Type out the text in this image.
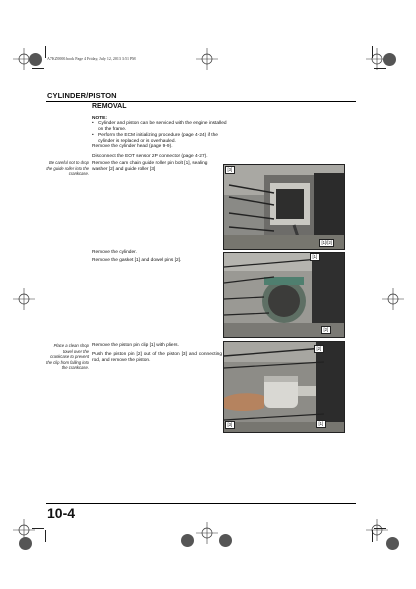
A7KZ0000.book Page 4 Friday, July 12, 2013 3:51 PM
CYLINDER/PISTON
REMOVAL
NOTE:
• Cylinder and piston can be serviced with the engine installed on the frame.
• Perform the ECM initializing procedure (page 4-24) if the cylinder is replaced or is overhauled.
Remove the cylinder head (page 9-9).
Disconnect the EOT sensor 2P connector (page 4-27).
Be careful not to drop the guide roller into the crankcase.
Remove the cam chain guide roller pin bolt [1], sealing washer [2] and guide roller [3]	[3]
[1]/[2]
Remove the cylinder.
Remove the gasket [1] and dowel pins [2].
[1]
[2]
Place a clean shop towel over the crankcase to prevent the clip from falling into the crankcase.
Remove the piston pin clip [1] with pliers.
Push the piston pin [2] out of the piston [3] and connecting rod, and remove the piston.
[2]
[3]	[1]
10-4
